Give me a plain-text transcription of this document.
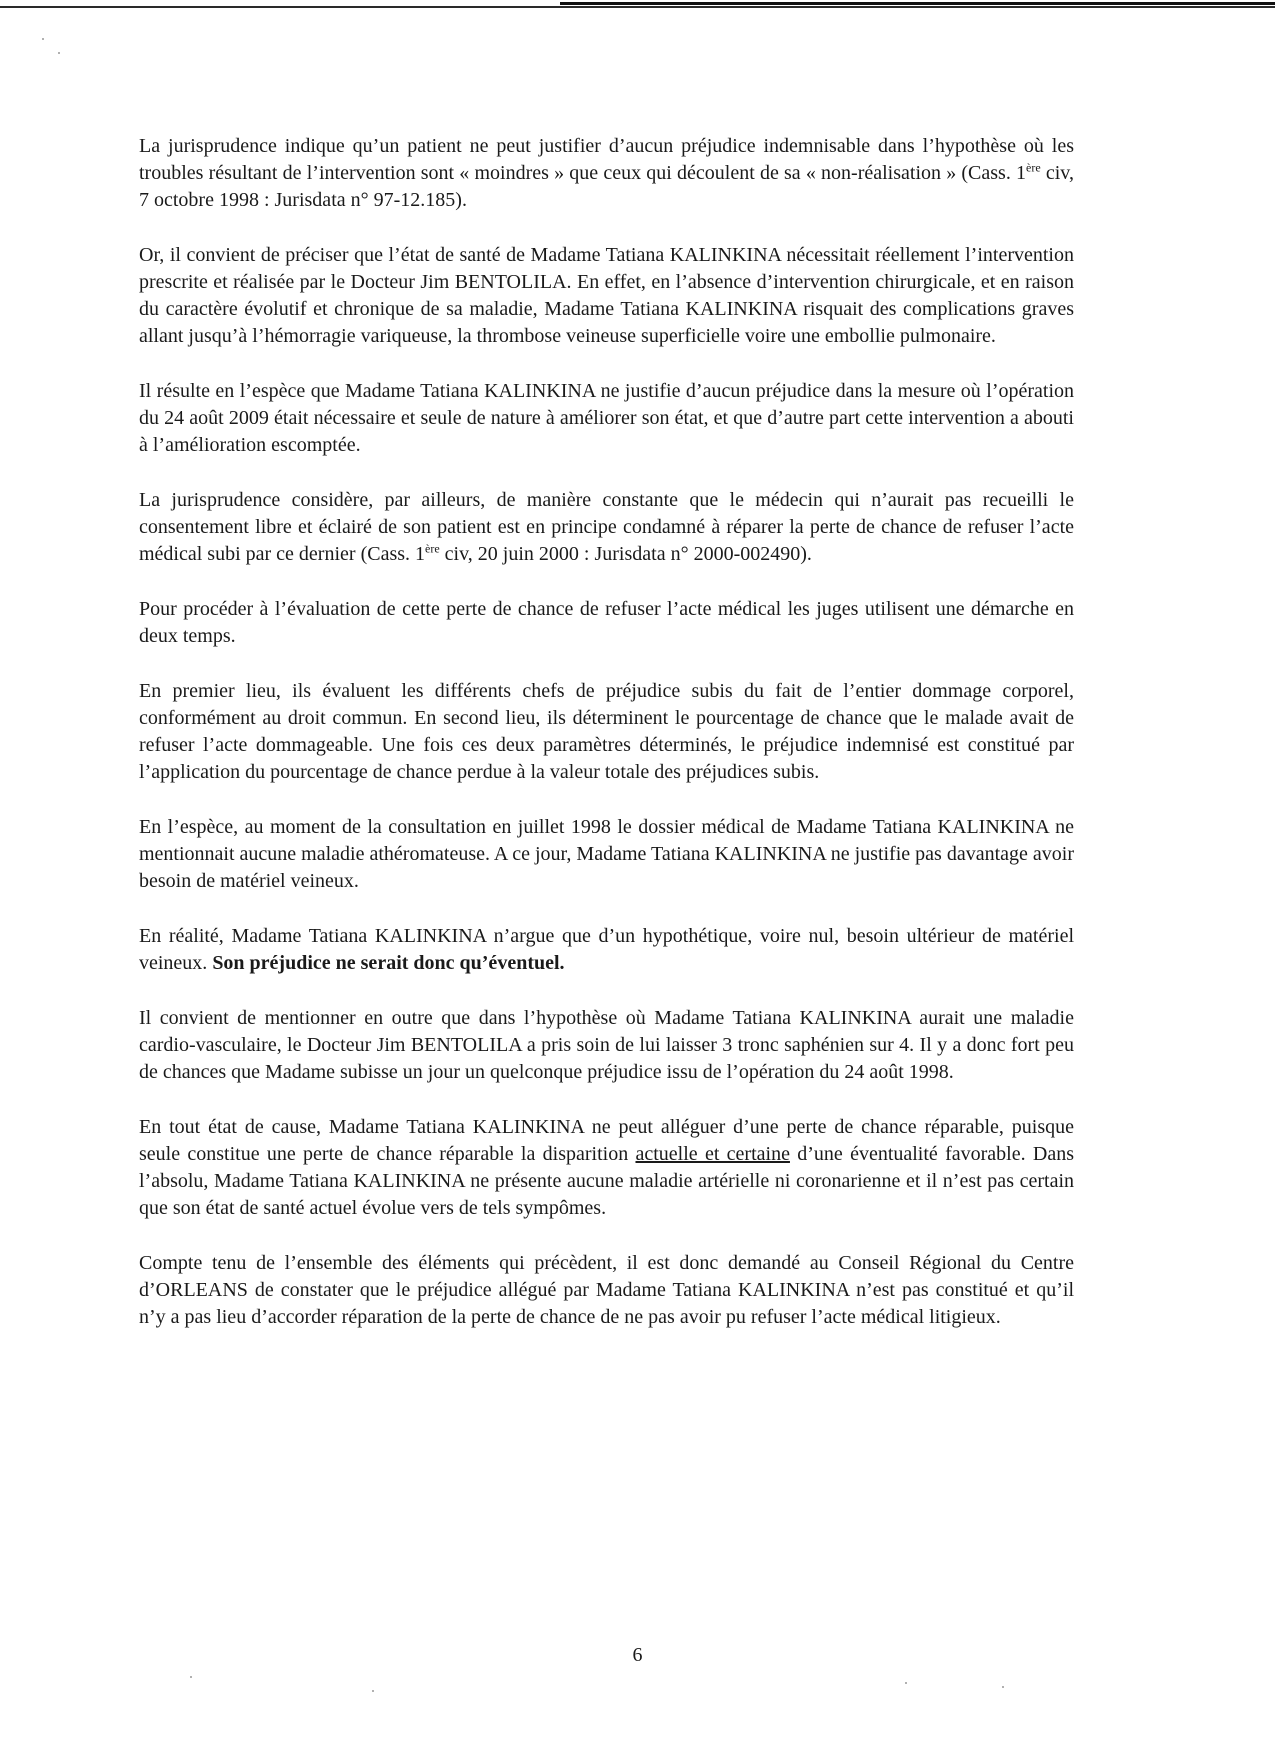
La jurisprudence indique qu’un patient ne peut justifier d’aucun préjudice indemnisable dans l’hypothèse où les troubles résultant de l’intervention sont « moindres » que ceux qui découlent de sa « non-réalisation » (Cass. 1ère civ, 7 octobre 1998 : Jurisdata n° 97-12.185).

Or, il convient de préciser que l’état de santé de Madame Tatiana KALINKINA nécessitait réellement l’intervention prescrite et réalisée par le Docteur Jim BENTOLILA. En effet, en l’absence d’intervention chirurgicale, et en raison du caractère évolutif et chronique de sa maladie, Madame Tatiana KALINKINA risquait des complications graves allant jusqu’à l’hémorragie variqueuse, la thrombose veineuse superficielle voire une embollie pulmonaire.

Il résulte en l’espèce que Madame Tatiana KALINKINA ne justifie d’aucun préjudice dans la mesure où l’opération du 24 août 2009 était nécessaire et seule de nature à améliorer son état, et que d’autre part cette intervention a abouti à l’amélioration escomptée.

La jurisprudence considère, par ailleurs, de manière constante que le médecin qui n’aurait pas recueilli le consentement libre et éclairé de son patient est en principe condamné à réparer la perte de chance de refuser l’acte médical subi par ce dernier (Cass. 1ère civ, 20 juin 2000 : Jurisdata n° 2000-002490).

Pour procéder à l’évaluation de cette perte de chance de refuser l’acte médical les juges utilisent une démarche en deux temps.

En premier lieu, ils évaluent les différents chefs de préjudice subis du fait de l’entier dommage corporel, conformément au droit commun. En second lieu, ils déterminent le pourcentage de chance que le malade avait de refuser l’acte dommageable. Une fois ces deux paramètres déterminés, le préjudice indemnisé est constitué par l’application du pourcentage de chance perdue à la valeur totale des préjudices subis.

En l’espèce, au moment de la consultation en juillet 1998 le dossier médical de Madame Tatiana KALINKINA ne mentionnait aucune maladie athéromateuse. A ce jour, Madame Tatiana KALINKINA ne justifie pas davantage avoir besoin de matériel veineux.

En réalité, Madame Tatiana KALINKINA n’argue que d’un hypothétique, voire nul, besoin ultérieur de matériel veineux. Son préjudice ne serait donc qu’éventuel.

Il convient de mentionner en outre que dans l’hypothèse où Madame Tatiana KALINKINA aurait une maladie cardio-vasculaire, le Docteur Jim BENTOLILA a pris soin de lui laisser 3 tronc saphénien sur 4. Il y a donc fort peu de chances que Madame subisse un jour un quelconque préjudice issu de l’opération du 24 août 1998.

En tout état de cause, Madame Tatiana KALINKINA ne peut alléguer d’une perte de chance réparable, puisque seule constitue une perte de chance réparable la disparition actuelle et certaine d’une éventualité favorable. Dans l’absolu, Madame Tatiana KALINKINA ne présente aucune maladie artérielle ni coronarienne et il n’est pas certain que son état de santé actuel évolue vers de tels sympômes.

Compte tenu de l’ensemble des éléments qui précèdent, il est donc demandé au Conseil Régional du Centre d’ORLEANS de constater que le préjudice allégué par Madame Tatiana KALINKINA n’est pas constitué et qu’il n’y a pas lieu d’accorder réparation de la perte de chance de ne pas avoir pu refuser l’acte médical litigieux.

6
